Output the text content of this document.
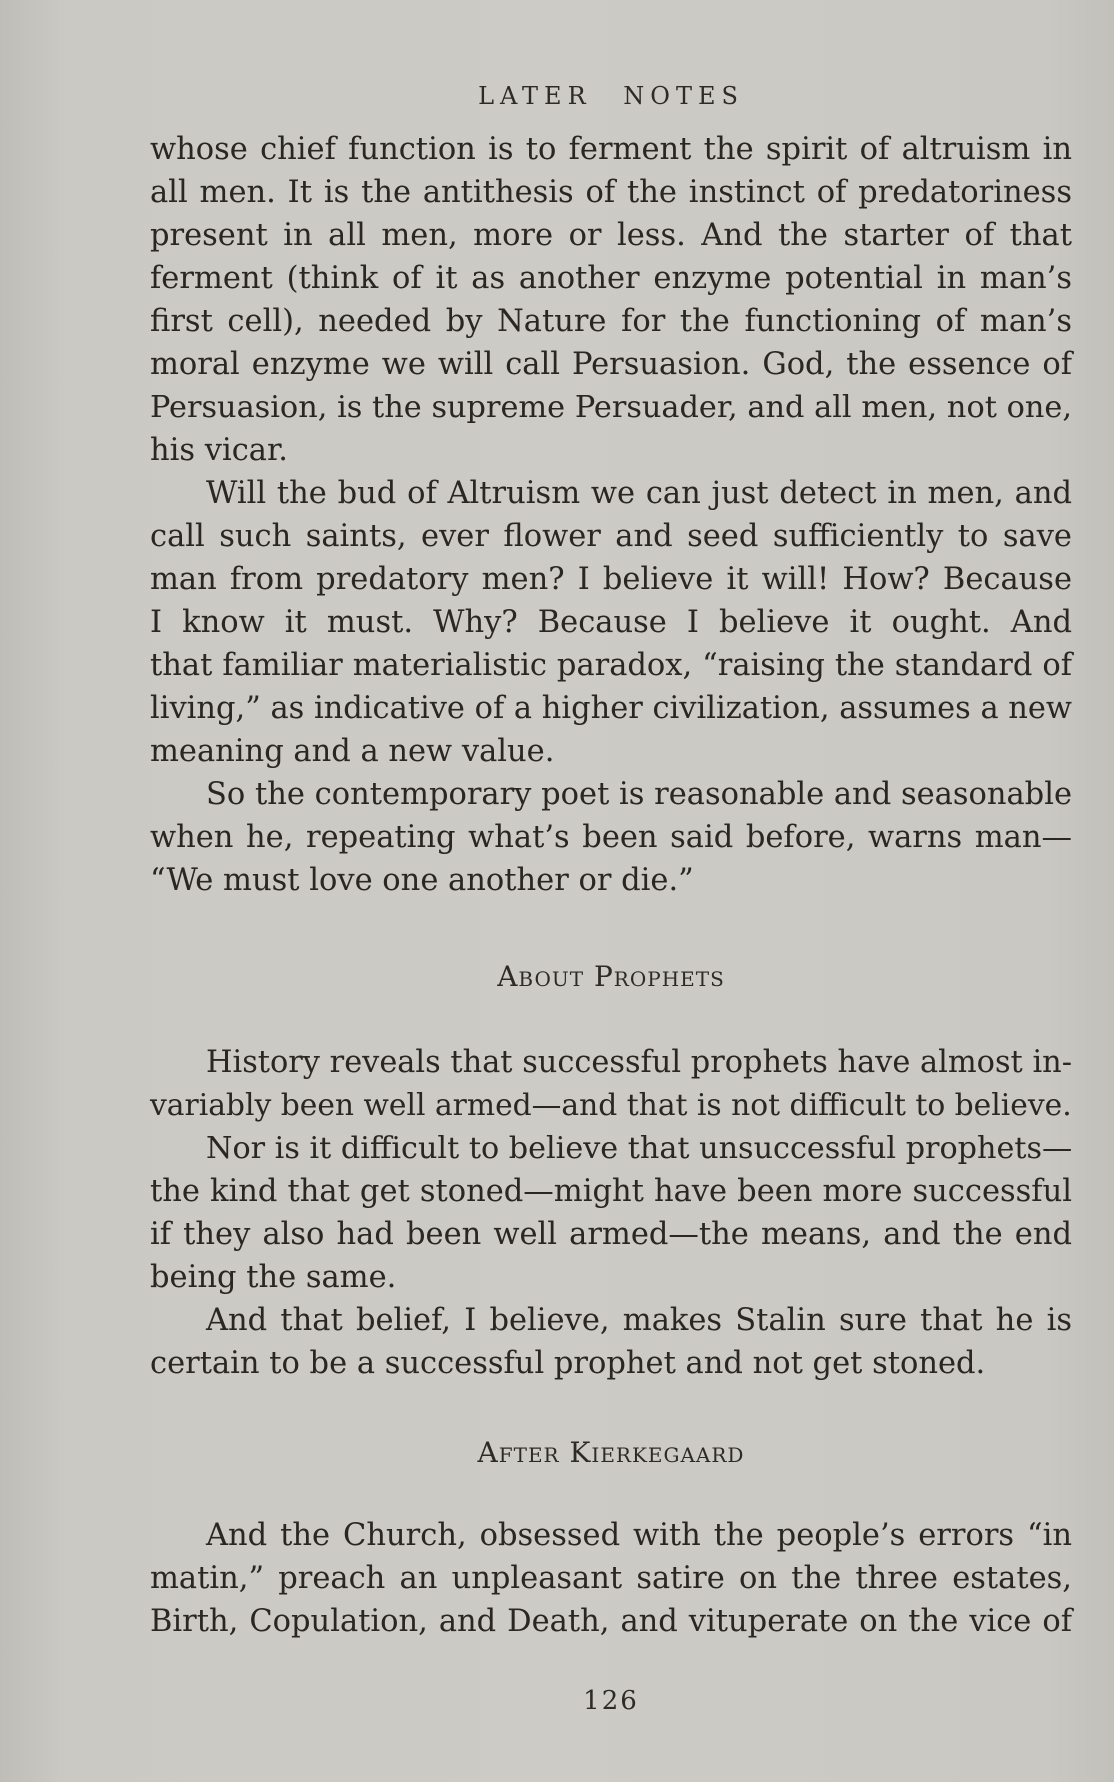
LATER NOTES
whose chief function is to ferment the spirit of altruism in
all men. It is the antithesis of the instinct of predatoriness
present in all men, more or less. And the starter of that
ferment (think of it as another enzyme potential in man’s
first cell), needed by Nature for the functioning of man’s
moral enzyme we will call Persuasion. God, the essence of
Persuasion, is the supreme Persuader, and all men, not one,
his vicar.
Will the bud of Altruism we can just detect in men, and
call such saints, ever flower and seed sufficiently to save
man from predatory men? I believe it will! How? Because
I know it must. Why? Because I believe it ought. And
that familiar materialistic paradox, “raising the standard of
living,” as indicative of a higher civilization, assumes a new
meaning and a new value.
So the contemporary poet is reasonable and seasonable
when he, repeating what’s been said before, warns man—
“We must love one another or die.”
About Prophets
History reveals that successful prophets have almost in-
variably been well armed—and that is not difficult to believe.
Nor is it difficult to believe that unsuccessful prophets—
the kind that get stoned—might have been more successful
if they also had been well armed—the means, and the end
being the same.
And that belief, I believe, makes Stalin sure that he is
certain to be a successful prophet and not get stoned.
After Kierkegaard
And the Church, obsessed with the people’s errors “in
matin,” preach an unpleasant satire on the three estates,
Birth, Copulation, and Death, and vituperate on the vice of
126
